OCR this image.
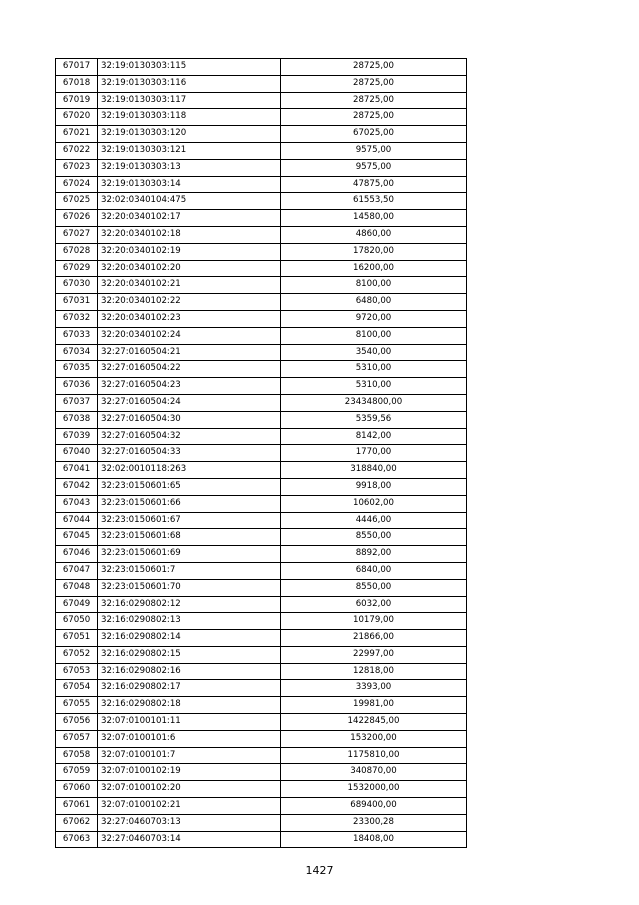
67017	32:19:0130303:115	28725,00
67018	32:19:0130303:116	28725,00
67019	32:19:0130303:117	28725,00
67020	32:19:0130303:118	28725,00
67021	32:19:0130303:120	67025,00
67022	32:19:0130303:121	9575,00
67023	32:19:0130303:13	9575,00
67024	32:19:0130303:14	47875,00
67025	32:02:0340104:475	61553,50
67026	32:20:0340102:17	14580,00
67027	32:20:0340102:18	4860,00
67028	32:20:0340102:19	17820,00
67029	32:20:0340102:20	16200,00
67030	32:20:0340102:21	8100,00
67031	32:20:0340102:22	6480,00
67032	32:20:0340102:23	9720,00
67033	32:20:0340102:24	8100,00
67034	32:27:0160504:21	3540,00
67035	32:27:0160504:22	5310,00
67036	32:27:0160504:23	5310,00
67037	32:27:0160504:24	23434800,00
67038	32:27:0160504:30	5359,56
67039	32:27:0160504:32	8142,00
67040	32:27:0160504:33	1770,00
67041	32:02:0010118:263	318840,00
67042	32:23:0150601:65	9918,00
67043	32:23:0150601:66	10602,00
67044	32:23:0150601:67	4446,00
67045	32:23:0150601:68	8550,00
67046	32:23:0150601:69	8892,00
67047	32:23:0150601:7	6840,00
67048	32:23:0150601:70	8550,00
67049	32:16:0290802:12	6032,00
67050	32:16:0290802:13	10179,00
67051	32:16:0290802:14	21866,00
67052	32:16:0290802:15	22997,00
67053	32:16:0290802:16	12818,00
67054	32:16:0290802:17	3393,00
67055	32:16:0290802:18	19981,00
67056	32:07:0100101:11	1422845,00
67057	32:07:0100101:6	153200,00
67058	32:07:0100101:7	1175810,00
67059	32:07:0100102:19	340870,00
67060	32:07:0100102:20	1532000,00
67061	32:07:0100102:21	689400,00
67062	32:27:0460703:13	23300,28
67063	32:27:0460703:14	18408,00
1427
